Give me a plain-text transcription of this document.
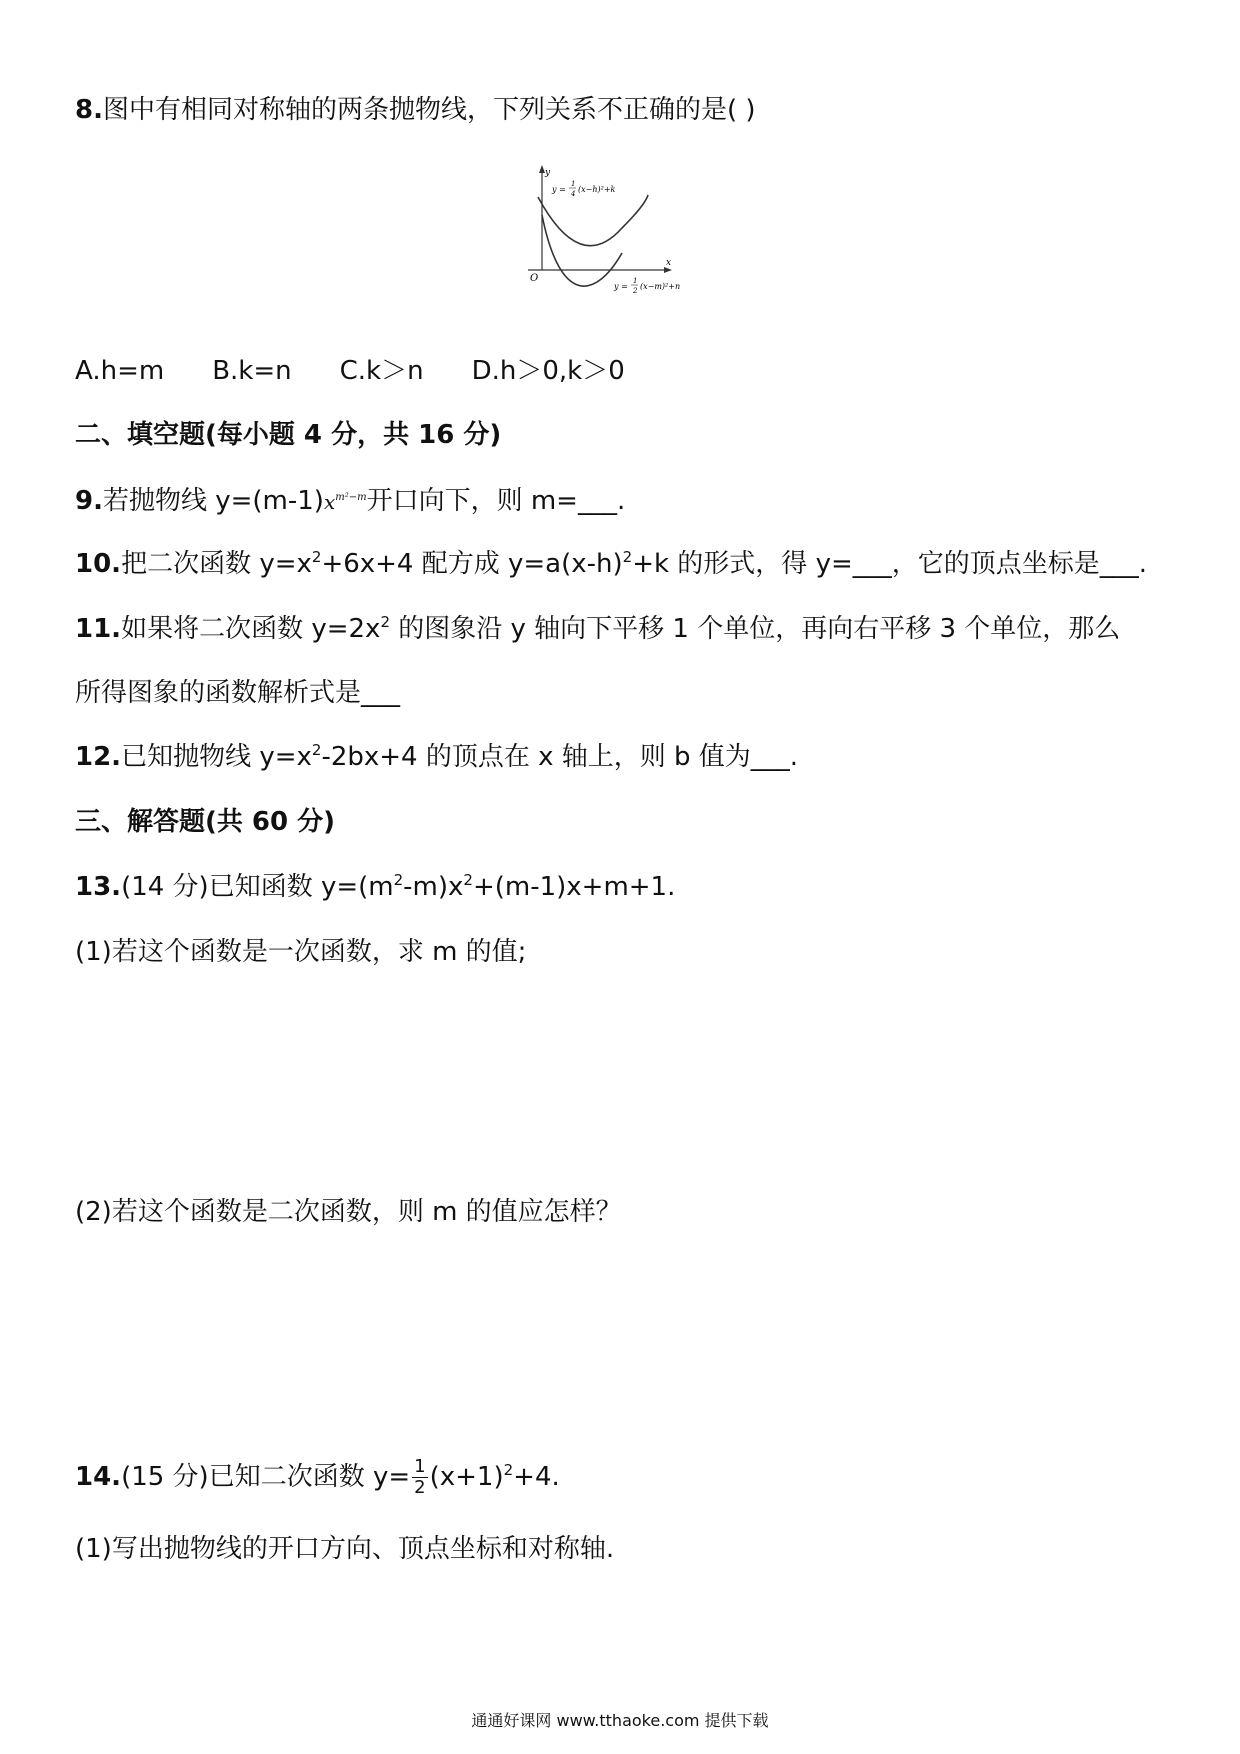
8.图中有相同对称轴的两条抛物线，下列关系不正确的是( )
y
x
O
y =
1
4 (x−h)²+k
y =
1
2 (x−m)²+n
A.h=m B.k=n C.k＞n D.h＞0,k＞0
二、填空题(每小题 4 分，共 16 分)
9.若抛物线 $y=(m-1)x^{m^2-m}$开口向下，则 m=___.
10.把二次函数 $y=x^2+6x+4$ 配方成 $y=a(x-h)^2+k$ 的形式，得 y=___，它的顶点坐标是___.
11.如果将二次函数 $y=2x^2$ 的图象沿 y 轴向下平移 1 个单位，再向右平移 3 个单位，那么
所得图象的函数解析式是___
12.已知抛物线 $y=x^2-2bx+4$ 的顶点在 x 轴上，则 b 值为___.
三、解答题(共 60 分)
13.(14 分)已知函数 $y=(m^2-m)x^2+(m-1)x+m+1$.
(1)若这个函数是一次函数，求 m 的值;
(2)若这个函数是二次函数，则 m 的值应怎样？
14.(15 分)已知二次函数 $y= \frac{1}{2} (x+1)^2+4$.
(1)写出抛物线的开口方向、顶点坐标和对称轴.
通通好课网 www.tthaoke.com 提供下载
